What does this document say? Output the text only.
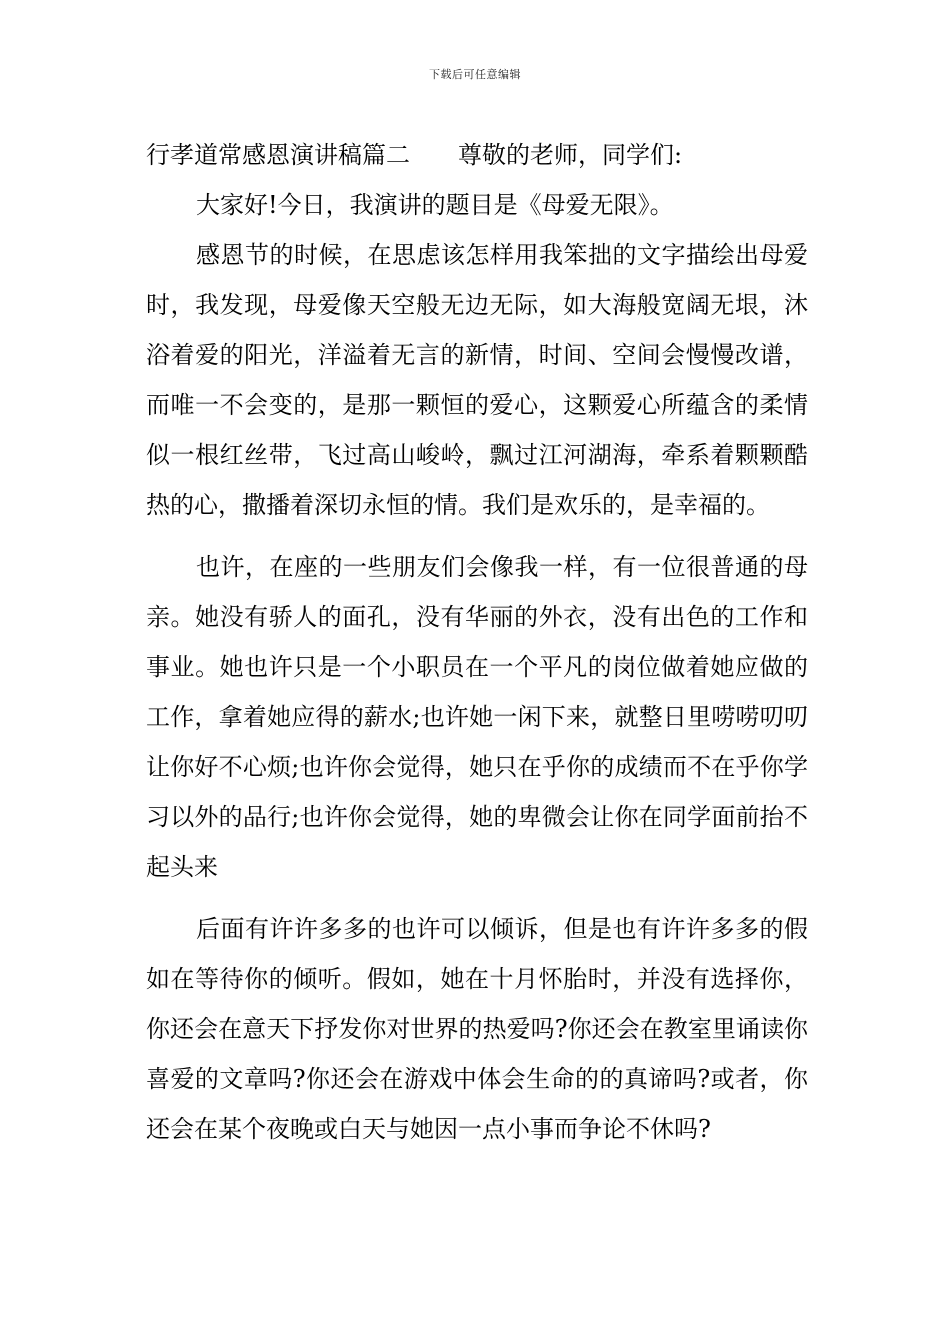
下载后可任意编辑
行孝道常感恩演讲稿篇二 尊敬的老师，同学们:

大家好!今日，我演讲的题目是《母爱无限》。

感恩节的时候，在思虑该怎样用我笨拙的文字描绘出母爱时，我发现，母爱像天空般无边无际，如大海般宽阔无垠，沐浴着爱的阳光，洋溢着无言的新情，时间、空间会慢慢改谱，而唯一不会变的，是那一颗恒的爱心，这颗爱心所蕴含的柔情似一根红丝带，飞过高山峻岭，飘过江河湖海，牵系着颗颗酷热的心，撒播着深切永恒的情。我们是欢乐的，是幸福的。

也许，在座的一些朋友们会像我一样，有一位很普通的母亲。她没有骄人的面孔，没有华丽的外衣，没有出色的工作和事业。她也许只是一个小职员在一个平凡的岗位做着她应做的工作，拿着她应得的薪水;也许她一闲下来，就整日里唠唠叨叨让你好不心烦;也许你会觉得，她只在乎你的成绩而不在乎你学习以外的品行;也许你会觉得，她的卑微会让你在同学面前抬不起头来

后面有许许多多的也许可以倾诉，但是也有许许多多的假如在等待你的倾听。假如，她在十月怀胎时，并没有选择你，你还会在意天下抒发你对世界的热爱吗?你还会在教室里诵读你喜爱的文章吗?你还会在游戏中体会生命的的真谛吗?或者，你还会在某个夜晚或白天与她因一点小事而争论不休吗?
